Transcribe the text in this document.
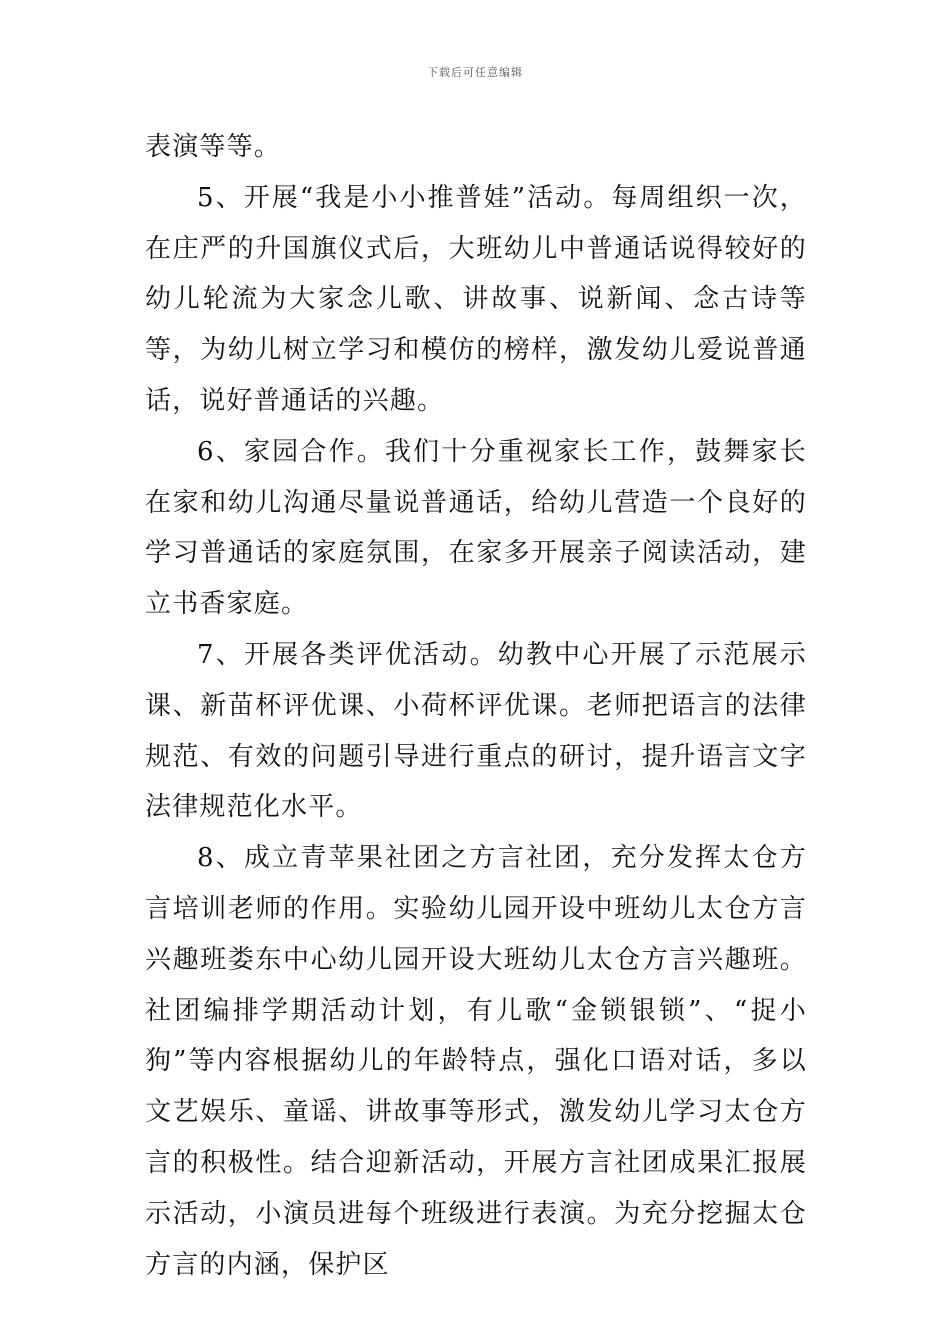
下载后可任意编辑

表演等等。

5、开展“我是小小推普娃”活动。每周组织一次，在庄严的升国旗仪式后，大班幼儿中普通话说得较好的幼儿轮流为大家念儿歌、讲故事、说新闻、念古诗等等，为幼儿树立学习和模仿的榜样，激发幼儿爱说普通话，说好普通话的兴趣。

6、家园合作。我们十分重视家长工作，鼓舞家长在家和幼儿沟通尽量说普通话，给幼儿营造一个良好的学习普通话的家庭氛围，在家多开展亲子阅读活动，建立书香家庭。

7、开展各类评优活动。幼教中心开展了示范展示课、新苗杯评优课、小荷杯评优课。老师把语言的法律规范、有效的问题引导进行重点的研讨，提升语言文字法律规范化水平。

8、成立青苹果社团之方言社团，充分发挥太仓方言培训老师的作用。实验幼儿园开设中班幼儿太仓方言兴趣班娄东中心幼儿园开设大班幼儿太仓方言兴趣班。社团编排学期活动计划，有儿歌“金锁银锁”、“捉小狗”等内容根据幼儿的年龄特点，强化口语对话，多以文艺娱乐、童谣、讲故事等形式，激发幼儿学习太仓方言的积极性。结合迎新活动，开展方言社团成果汇报展示活动，小演员进每个班级进行表演。为充分挖掘太仓方言的内涵，保护区
